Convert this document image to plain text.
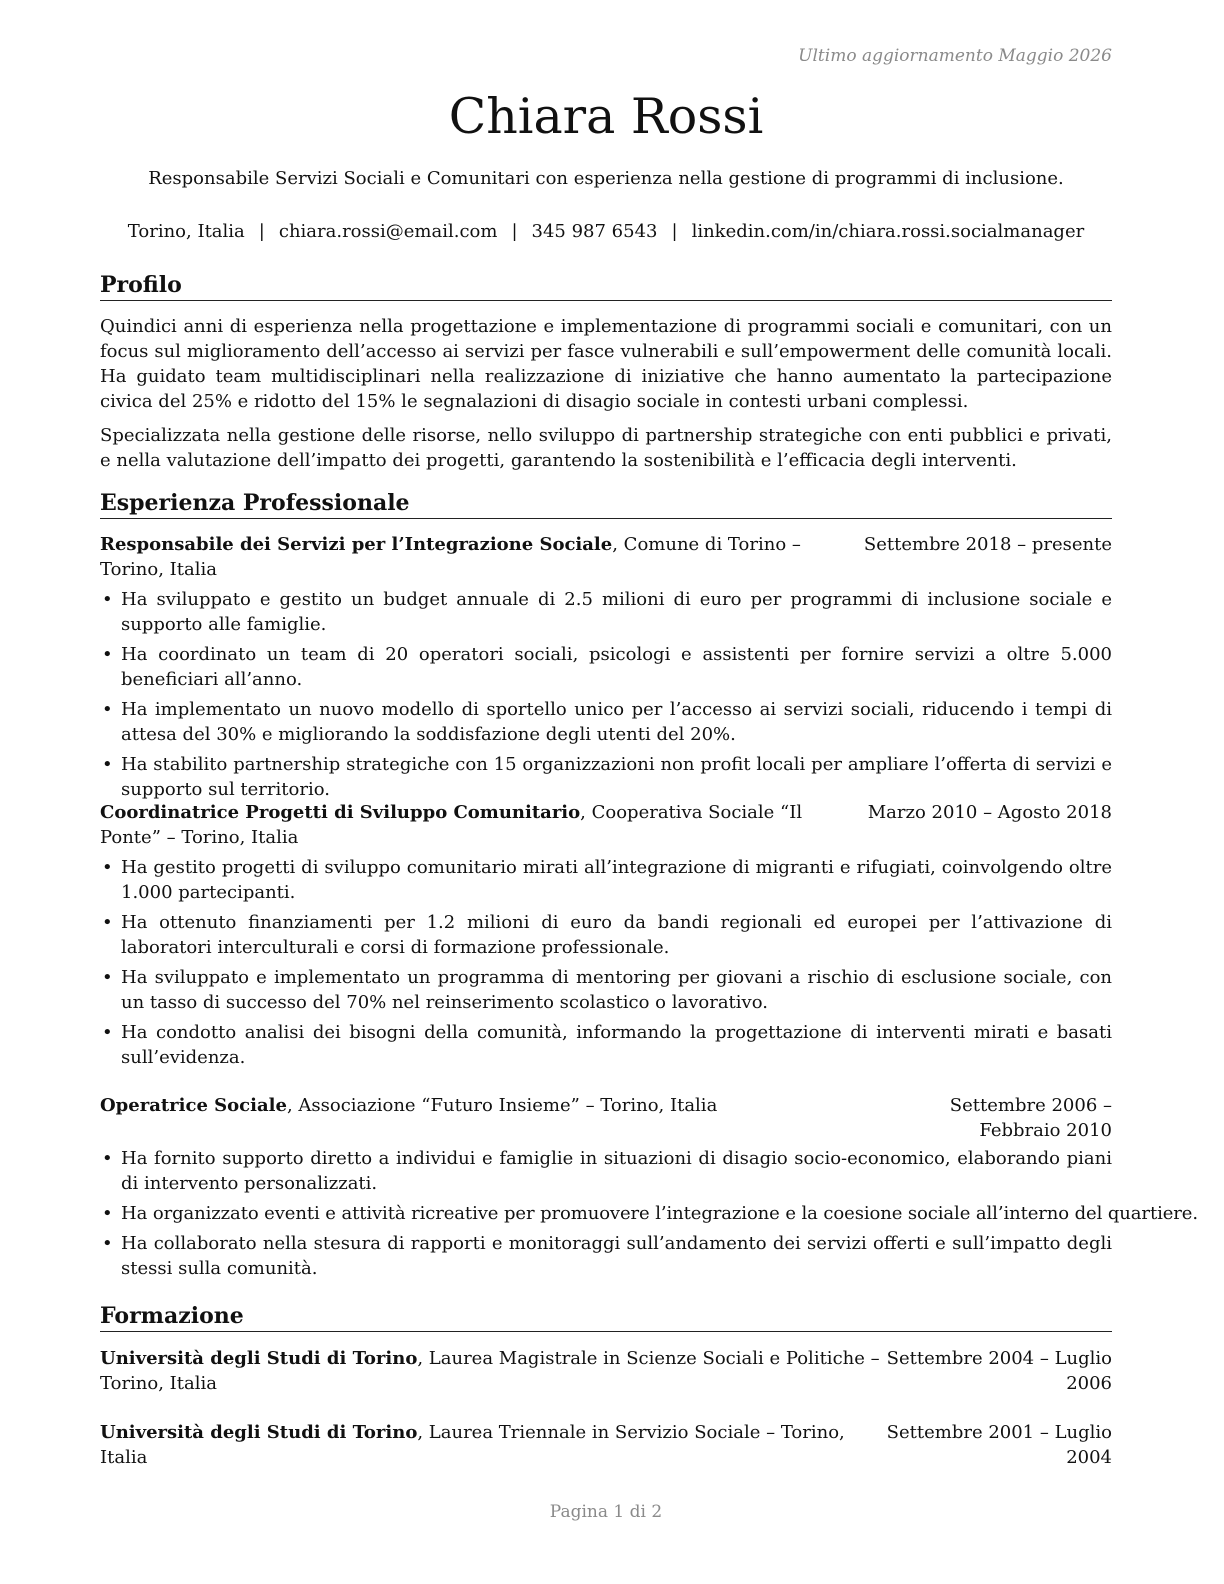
Ultimo aggiornamento Maggio 2026
Chiara Rossi
Responsabile Servizi Sociali e Comunitari con esperienza nella gestione di programmi di inclusione.
Torino, Italia | chiara.rossi@email.com | 345 987 6543 | linkedin.com/in/chiara.rossi.socialmanager
Profilo

Quindici anni di esperienza nella progettazione e implementazione di programmi sociali e comunitari, con un focus sul miglioramento dell’accesso ai servizi per fasce vulnerabili e sull’empowerment delle comunità locali. Ha guidato team multidisciplinari nella realizzazione di iniziative che hanno aumentato la partecipazione civica del 25% e ridotto del 15% le segnalazioni di disagio sociale in contesti urbani complessi.

Specializzata nella gestione delle risorse, nello sviluppo di partnership strategiche con enti pubblici e privati, e nella valutazione dell’impatto dei progetti, garantendo la sostenibilità e l’efficacia degli interventi.

Esperienza Professionale
Settembre 2018 – presente
Responsabile dei Servizi per l’Integrazione Sociale, Comune di Torino – Torino, Italia
• Ha sviluppato e gestito un budget annuale di 2.5 milioni di euro per programmi di inclusione sociale e supporto alle famiglie.
• Ha coordinato un team di 20 operatori sociali, psicologi e assistenti per fornire servizi a oltre 5.000 beneficiari all’anno.
• Ha implementato un nuovo modello di sportello unico per l’accesso ai servizi sociali, riducendo i tempi di attesa del 30% e migliorando la soddisfazione degli utenti del 20%.
• Ha stabilito partnership strategiche con 15 organizzazioni non profit locali per ampliare l’offerta di servizi e supporto sul territorio.
Marzo 2010 – Agosto 2018
Coordinatrice Progetti di Sviluppo Comunitario, Cooperativa Sociale “Il Ponte” – Torino, Italia
• Ha gestito progetti di sviluppo comunitario mirati all’integrazione di migranti e rifugiati, coinvolgendo oltre 1.000 partecipanti.
• Ha ottenuto finanziamenti per 1.2 milioni di euro da bandi regionali ed europei per l’attivazione di laboratori interculturali e corsi di formazione professionale.
• Ha sviluppato e implementato un programma di mentoring per giovani a rischio di esclusione sociale, con un tasso di successo del 70% nel reinserimento scolastico o lavorativo.
• Ha condotto analisi dei bisogni della comunità, informando la progettazione di interventi mirati e basati sull’evidenza.
Settembre 2006 – Febbraio 2010
Operatrice Sociale, Associazione “Futuro Insieme” – Torino, Italia
• Ha fornito supporto diretto a individui e famiglie in situazioni di disagio socio-economico, elaborando piani di intervento personalizzati.
• Ha organizzato eventi e attività ricreative per promuovere l’integrazione e la coesione sociale all’interno del quartiere.
• Ha collaborato nella stesura di rapporti e monitoraggi sull’andamento dei servizi offerti e sull’impatto degli stessi sulla comunità.
Formazione
Settembre 2004 – Luglio 2006
Università degli Studi di Torino, Laurea Magistrale in Scienze Sociali e Politiche – Torino, Italia
Settembre 2001 – Luglio 2004
Università degli Studi di Torino, Laurea Triennale in Servizio Sociale – Torino, Italia
Pagina 1 di 2
